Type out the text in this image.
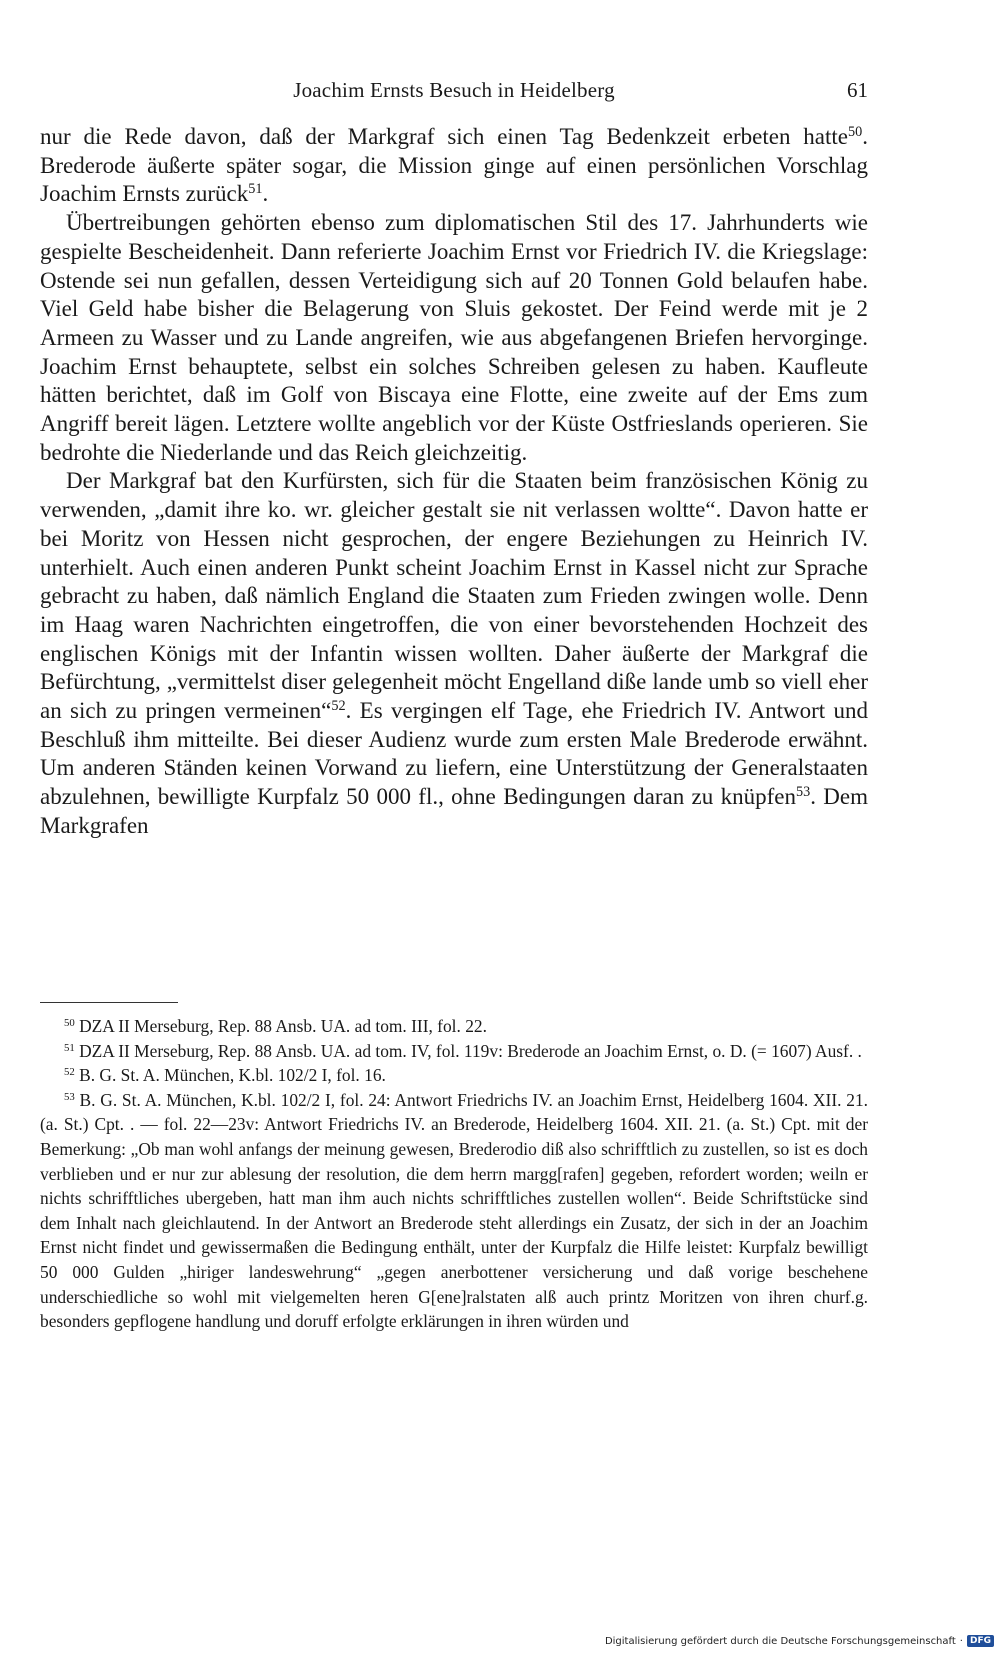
Joachim Ernsts Besuch in Heidelberg	61

nur die Rede davon, daß der Markgraf sich einen Tag Bedenkzeit erbeten hatte$^{50}$. Brederode äußerte später sogar, die Mission ginge auf einen persönlichen Vorschlag Joachim Ernsts zurück$^{51}$.

Übertreibungen gehörten ebenso zum diplomatischen Stil des 17. Jahrhunderts wie gespielte Bescheidenheit. Dann referierte Joachim Ernst vor Friedrich IV. die Kriegslage: Ostende sei nun gefallen, dessen Verteidigung sich auf 20 Tonnen Gold belaufen habe. Viel Geld habe bisher die Belagerung von Sluis gekostet. Der Feind werde mit je 2 Armeen zu Wasser und zu Lande angreifen, wie aus abgefangenen Briefen hervorginge. Joachim Ernst behauptete, selbst ein solches Schreiben gelesen zu haben. Kaufleute hätten berichtet, daß im Golf von Biscaya eine Flotte, eine zweite auf der Ems zum Angriff bereit lägen. Letztere wollte angeblich vor der Küste Ostfrieslands operieren. Sie bedrohte die Niederlande und das Reich gleichzeitig.

Der Markgraf bat den Kurfürsten, sich für die Staaten beim französischen König zu verwenden, „damit ihre ko. wr. gleicher gestalt sie nit verlassen woltte“. Davon hatte er bei Moritz von Hessen nicht gesprochen, der engere Beziehungen zu Heinrich IV. unterhielt. Auch einen anderen Punkt scheint Joachim Ernst in Kassel nicht zur Sprache gebracht zu haben, daß nämlich England die Staaten zum Frieden zwingen wolle. Denn im Haag waren Nachrichten eingetroffen, die von einer bevorstehenden Hochzeit des englischen Königs mit der Infantin wissen wollten. Daher äußerte der Markgraf die Befürchtung, „vermittelst diser gelegenheit möcht Engelland diße lande umb so viell eher an sich zu pringen vermeinen“$^{52}$. Es vergingen elf Tage, ehe Friedrich IV. Antwort und Beschluß ihm mitteilte. Bei dieser Audienz wurde zum ersten Male Brederode erwähnt. Um anderen Ständen keinen Vorwand zu liefern, eine Unterstützung der Generalstaaten abzulehnen, bewilligte Kurpfalz 50 000 fl., ohne Bedingungen daran zu knüpfen$^{53}$. Dem Markgrafen

$^{50}$ DZA II Merseburg, Rep. 88 Ansb. UA. ad tom. III, fol. 22.

$^{51}$ DZA II Merseburg, Rep. 88 Ansb. UA. ad tom. IV, fol. 119v: Brederode an Joachim Ernst, o. D. (= 1607) Ausf. .

$^{52}$ B. G. St. A. München, K.bl. 102/2 I, fol. 16.

$^{53}$ B. G. St. A. München, K.bl. 102/2 I, fol. 24: Antwort Friedrichs IV. an Joachim Ernst, Heidelberg 1604. XII. 21. (a. St.) Cpt. . — fol. 22—23v: Antwort Friedrichs IV. an Brederode, Heidelberg 1604. XII. 21. (a. St.) Cpt. mit der Bemerkung: „Ob man wohl anfangs der meinung gewesen, Brederodio diß also schrifftlich zu zustellen, so ist es doch verblieben und er nur zur ablesung der resolution, die dem herrn margg[rafen] gegeben, refordert worden; weiln er nichts schrifftliches ubergeben, hatt man ihm auch nichts schrifftliches zustellen wollen“. Beide Schriftstücke sind dem Inhalt nach gleichlautend. In der Antwort an Brederode steht allerdings ein Zusatz, der sich in der an Joachim Ernst nicht findet und gewissermaßen die Bedingung enthält, unter der Kurpfalz die Hilfe leistet: Kurpfalz bewilligt 50 000 Gulden „hiriger landeswehrung“ „gegen anerbottener versicherung und daß vorige beschehene underschiedliche so wohl mit vielgemelten heren G[ene]ralstaten alß auch printz Moritzen von ihren churf.g. besonders gepflogene handlung und doruff erfolgte erklärungen in ihren würden und

Digitalisierung gefördert durch die Deutsche Forschungsgemeinschaft · DFG
